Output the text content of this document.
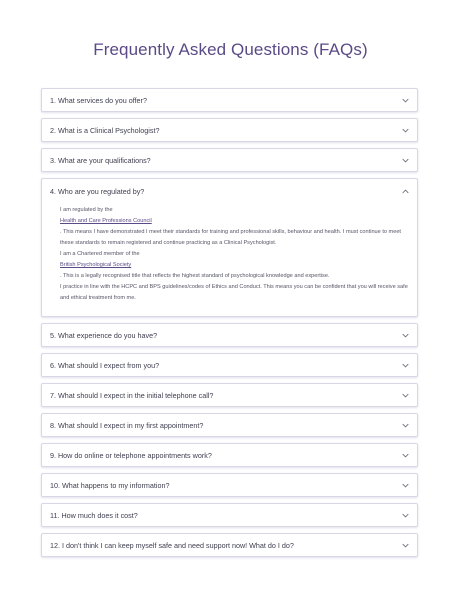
Frequently Asked Questions (FAQs)
1. What services do you offer?
2. What is a Clinical Psychologist?
3. What are your qualifications?
4. Who are you regulated by?

I am regulated by the

Health and Care Professions Council

. This means I have demonstrated I meet their standards for training and professional skills, behaviour and health. I must continue to meet these standards to remain registered and continue practicing as a Clinical Psychologist.

I am a Chartered member of the

British Psychological Society

. This is a legally recognised title that reflects the highest standard of psychological knowledge and expertise.

I practice in line with the HCPC and BPS guidelines/codes of Ethics and Conduct. This means you can be confident that you will receive safe and ethical treatment from me.

5. What experience do you have?
6. What should I expect from you?
7. What should I expect in the initial telephone call?
8. What should I expect in my first appointment?
9. How do online or telephone appointments work?
10. What happens to my information?
11. How much does it cost?
12. I don't think I can keep myself safe and need support now! What do I do?
